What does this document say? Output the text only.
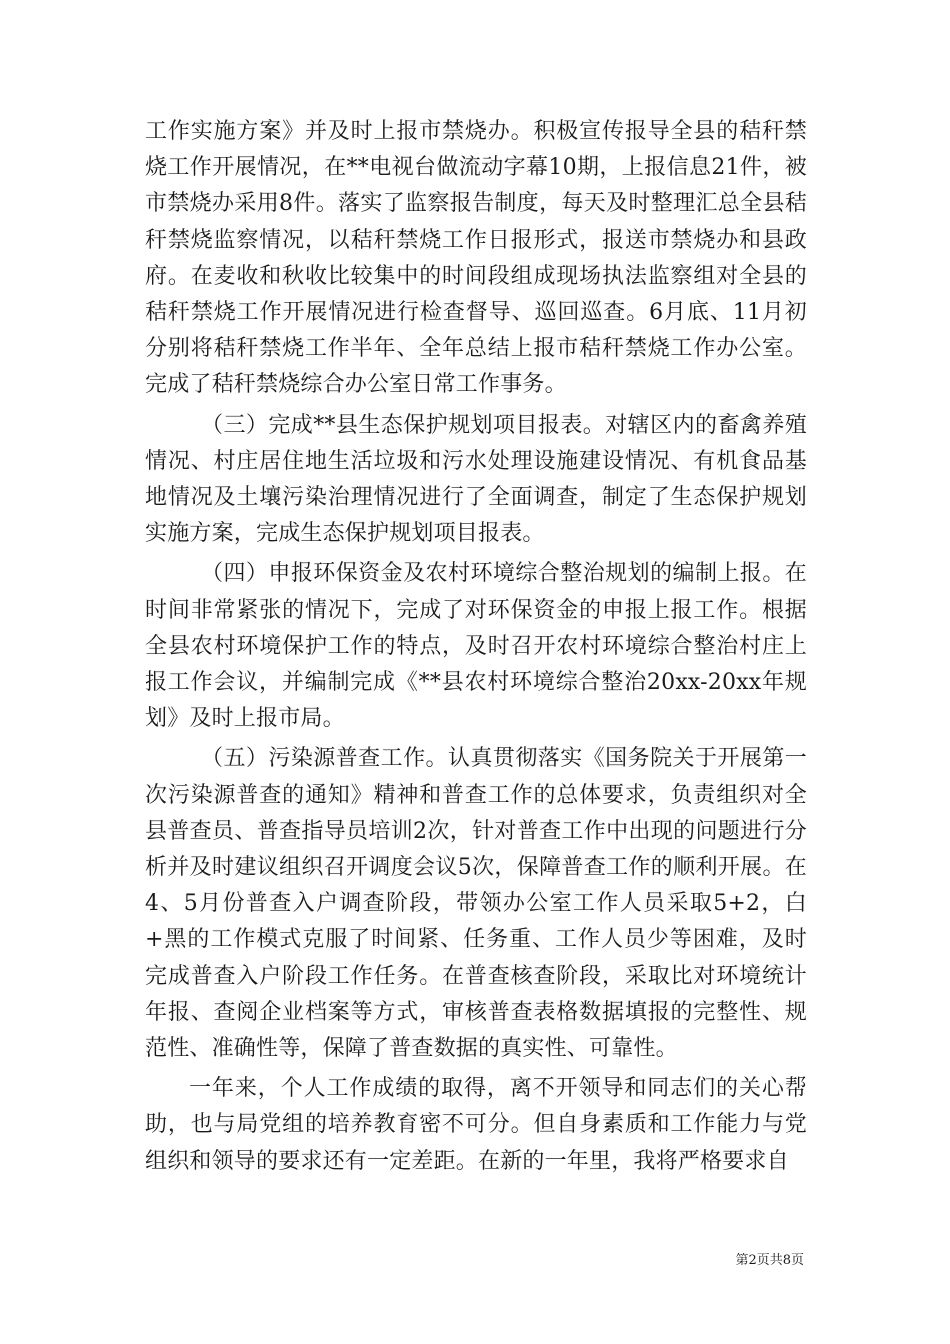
工作实施方案》并及时上报市禁烧办。积极宣传报导全县的秸秆禁烧工作开展情况，在**电视台做流动字幕10期，上报信息21件，被市禁烧办采用8件。落实了监察报告制度，每天及时整理汇总全县秸秆禁烧监察情况，以秸秆禁烧工作日报形式，报送市禁烧办和县政府。在麦收和秋收比较集中的时间段组成现场执法监察组对全县的秸秆禁烧工作开展情况进行检查督导、巡回巡查。6月底、11月初分别将秸秆禁烧工作半年、全年总结上报市秸秆禁烧工作办公室。完成了秸秆禁烧综合办公室日常工作事务。

（三）完成**县生态保护规划项目报表。对辖区内的畜禽养殖情况、村庄居住地生活垃圾和污水处理设施建设情况、有机食品基地情况及土壤污染治理情况进行了全面调查，制定了生态保护规划实施方案，完成生态保护规划项目报表。

（四）申报环保资金及农村环境综合整治规划的编制上报。在时间非常紧张的情况下，完成了对环保资金的申报上报工作。根据全县农村环境保护工作的特点，及时召开农村环境综合整治村庄上报工作会议，并编制完成《**县农村环境综合整治20xx-20xx年规划》及时上报市局。

（五）污染源普查工作。认真贯彻落实《国务院关于开展第一次污染源普查的通知》精神和普查工作的总体要求，负责组织对全县普查员、普查指导员培训2次，针对普查工作中出现的问题进行分析并及时建议组织召开调度会议5次，保障普查工作的顺利开展。在4、5月份普查入户调查阶段，带领办公室工作人员采取5+2，白+黑的工作模式克服了时间紧、任务重、工作人员少等困难，及时完成普查入户阶段工作任务。在普查核查阶段，采取比对环境统计年报、查阅企业档案等方式，审核普查表格数据填报的完整性、规范性、准确性等，保障了普查数据的真实性、可靠性。

一年来，个人工作成绩的取得，离不开领导和同志们的关心帮助，也与局党组的培养教育密不可分。但自身素质和工作能力与党组织和领导的要求还有一定差距。在新的一年里，我将严格要求自

第2页共8页
